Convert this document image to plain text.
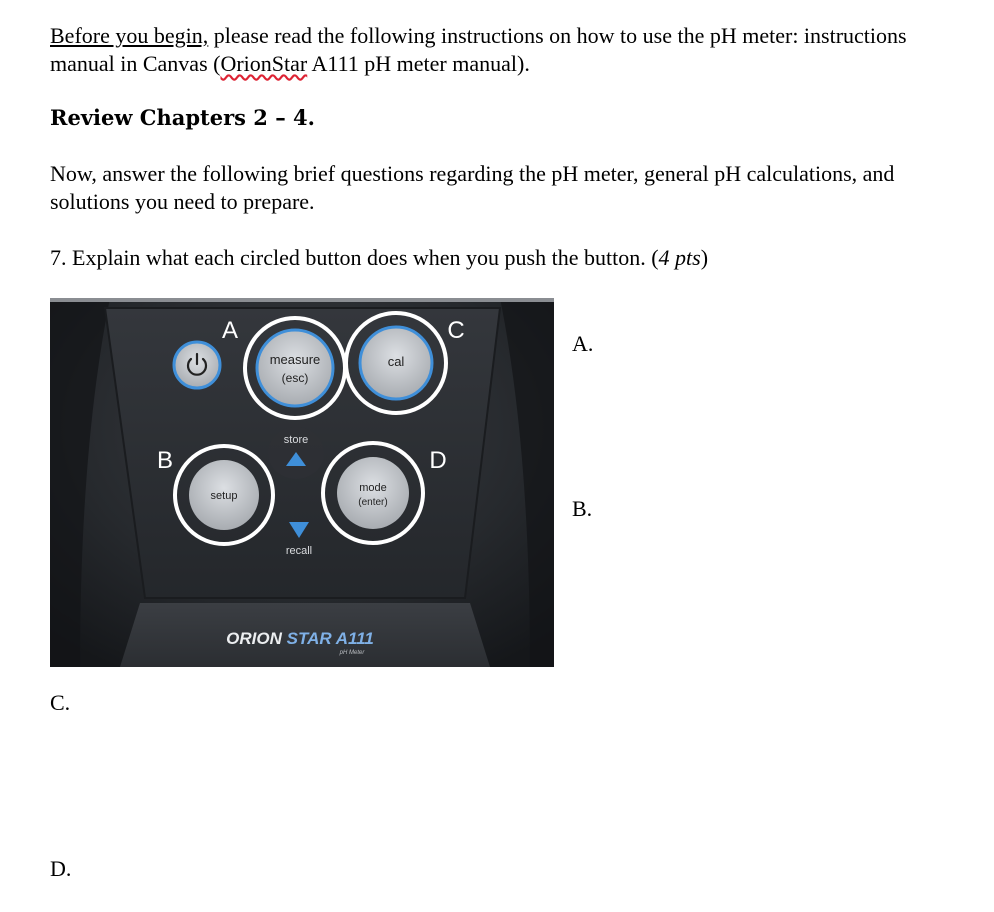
Before you begin, please read the following instructions on how to use the pH meter: instructions

manual in Canvas (OrionStar A111 pH meter manual).

Review Chapters 2 – 4.

Now, answer the following brief questions regarding the pH meter, general pH calculations, and

solutions you need to prepare.

7. Explain what each circled button does when you push the button. (4 pts)

measure
(esc)
cal
store
setup
mode
(enter)
recall
A	C
B	D
ORION STAR A111
pH Meter
A.
B.
C.
D.
